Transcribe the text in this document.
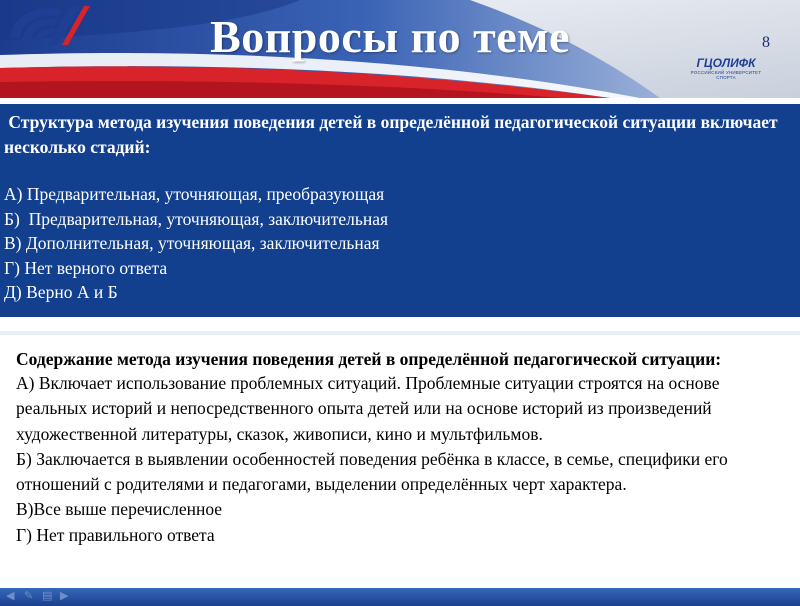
Вопросы по теме
ГЦОЛИФК
РОССИЙСКИЙ УНИВЕРСИТЕТ СПОРТА
8

Структура метода изучения поведения детей в определённой педагогической ситуации включает несколько стадий:

А) Предварительная, уточняющая, преобразующая
Б)  Предварительная, уточняющая, заключительная
В) Дополнительная, уточняющая, заключительная
Г) Нет верного ответа
Д) Верно А и Б

Содержание метода изучения поведения детей в определённой педагогической ситуации:

А) Включает использование проблемных ситуаций. Проблемные ситуации строятся на основе реальных историй и непосредственного опыта детей или на основе историй из произведений художественной литературы, сказок, живописи, кино и мультфильмов.
Б) Заключается в выявлении особенностей поведения ребёнка в классе, в семье, специфики его отношений с родителями и педагогами, выделении определённых черт характера.
В)Все выше перечисленное
Г) Нет правильного ответа
◀ ✎ ▤ ▶
